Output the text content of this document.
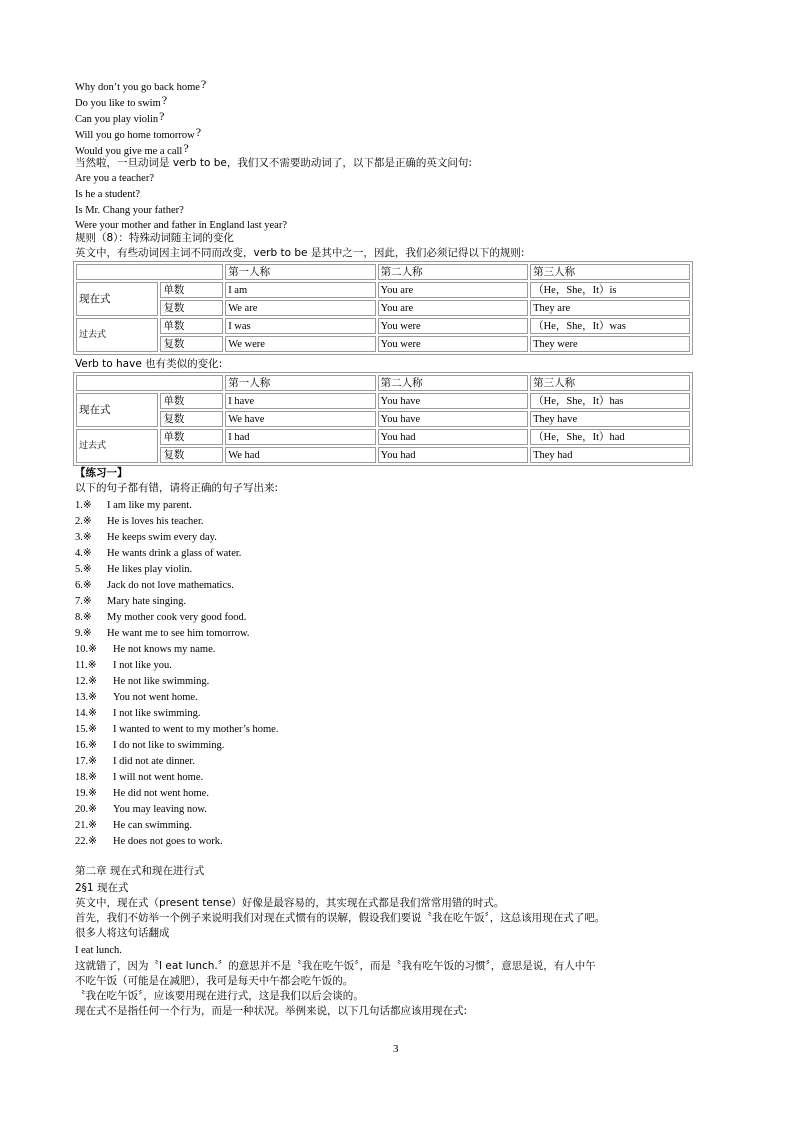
Why don’t you go back home?
Do you like to swim?
Can you play violin?
Will you go home tomorrow?
Would you give me a call?
当然啦，一旦动词是 verb to be，我们又不需要助动词了，以下都是正确的英文问句:
Are you a teacher?
Is he a student?
Is Mr. Chang your father?
Were your mother and father in England last year?
规则（8）：特殊动词随主词的变化
英文中，有些动词因主词不同而改变，verb to be 是其中之一，因此，我们必须记得以下的规则:
		第一人称	第二人称	第三人称
现在式	单数	I am	You are	（He，She，It）is
	复数	We are	You are	They are
过去式	单数	I was	You were	（He，She，It）was
	复数	We were	You were	They were
Verb to have 也有类似的变化:
		第一人称	第二人称	第三人称
现在式	单数	I have	You have	（He，She，It）has
	复数	We have	You have	They have
过去式	单数	I had	You had	（He，She，It）had
	复数	We had	You had	They had
【练习一】
以下的句子都有错，请将正确的句子写出来:
1.※ I am like my parent.
2.※ He is loves his teacher.
3.※ He keeps swim every day.
4.※ He wants drink a glass of water.
5.※ He likes play violin.
6.※ Jack do not love mathematics.
7.※ Mary hate singing.
8.※ My mother cook very good food.
9.※ He want me to see him tomorrow.
10.※ He not knows my name.
11.※ I not like you.
12.※ He not like swimming.
13.※ You not went home.
14.※ I not like swimming.
15.※ I wanted to went to my mother’s home.
16.※ I do not like to swimming.
17.※ I did not ate dinner.
18.※ I will not went home.
19.※ He did not went home.
20.※ You may leaving now.
21.※ He can swimming.
22.※ He does not goes to work.
第二章 现在式和现在进行式
2§1 现在式
英文中，现在式（present tense）好像是最容易的，其实现在式都是我们常常用错的时式。
首先，我们不妨举一个例子来说明我们对现在式惯有的误解，假设我们要说〝我在吃午饭〞，这总该用现在式了吧。
很多人将这句话翻成
I eat lunch.
这就错了，因为〝I eat lunch.〞的意思并不是〝我在吃午饭〞，而是〝我有吃午饭的习惯〞，意思是说，有人中午
不吃午饭（可能是在减肥），我可是每天中午都会吃午饭的。
〝我在吃午饭〞，应该要用现在进行式，这是我们以后会谈的。
现在式不是指任何一个行为，而是一种状况。举例来说，以下几句话都应该用现在式:
3
